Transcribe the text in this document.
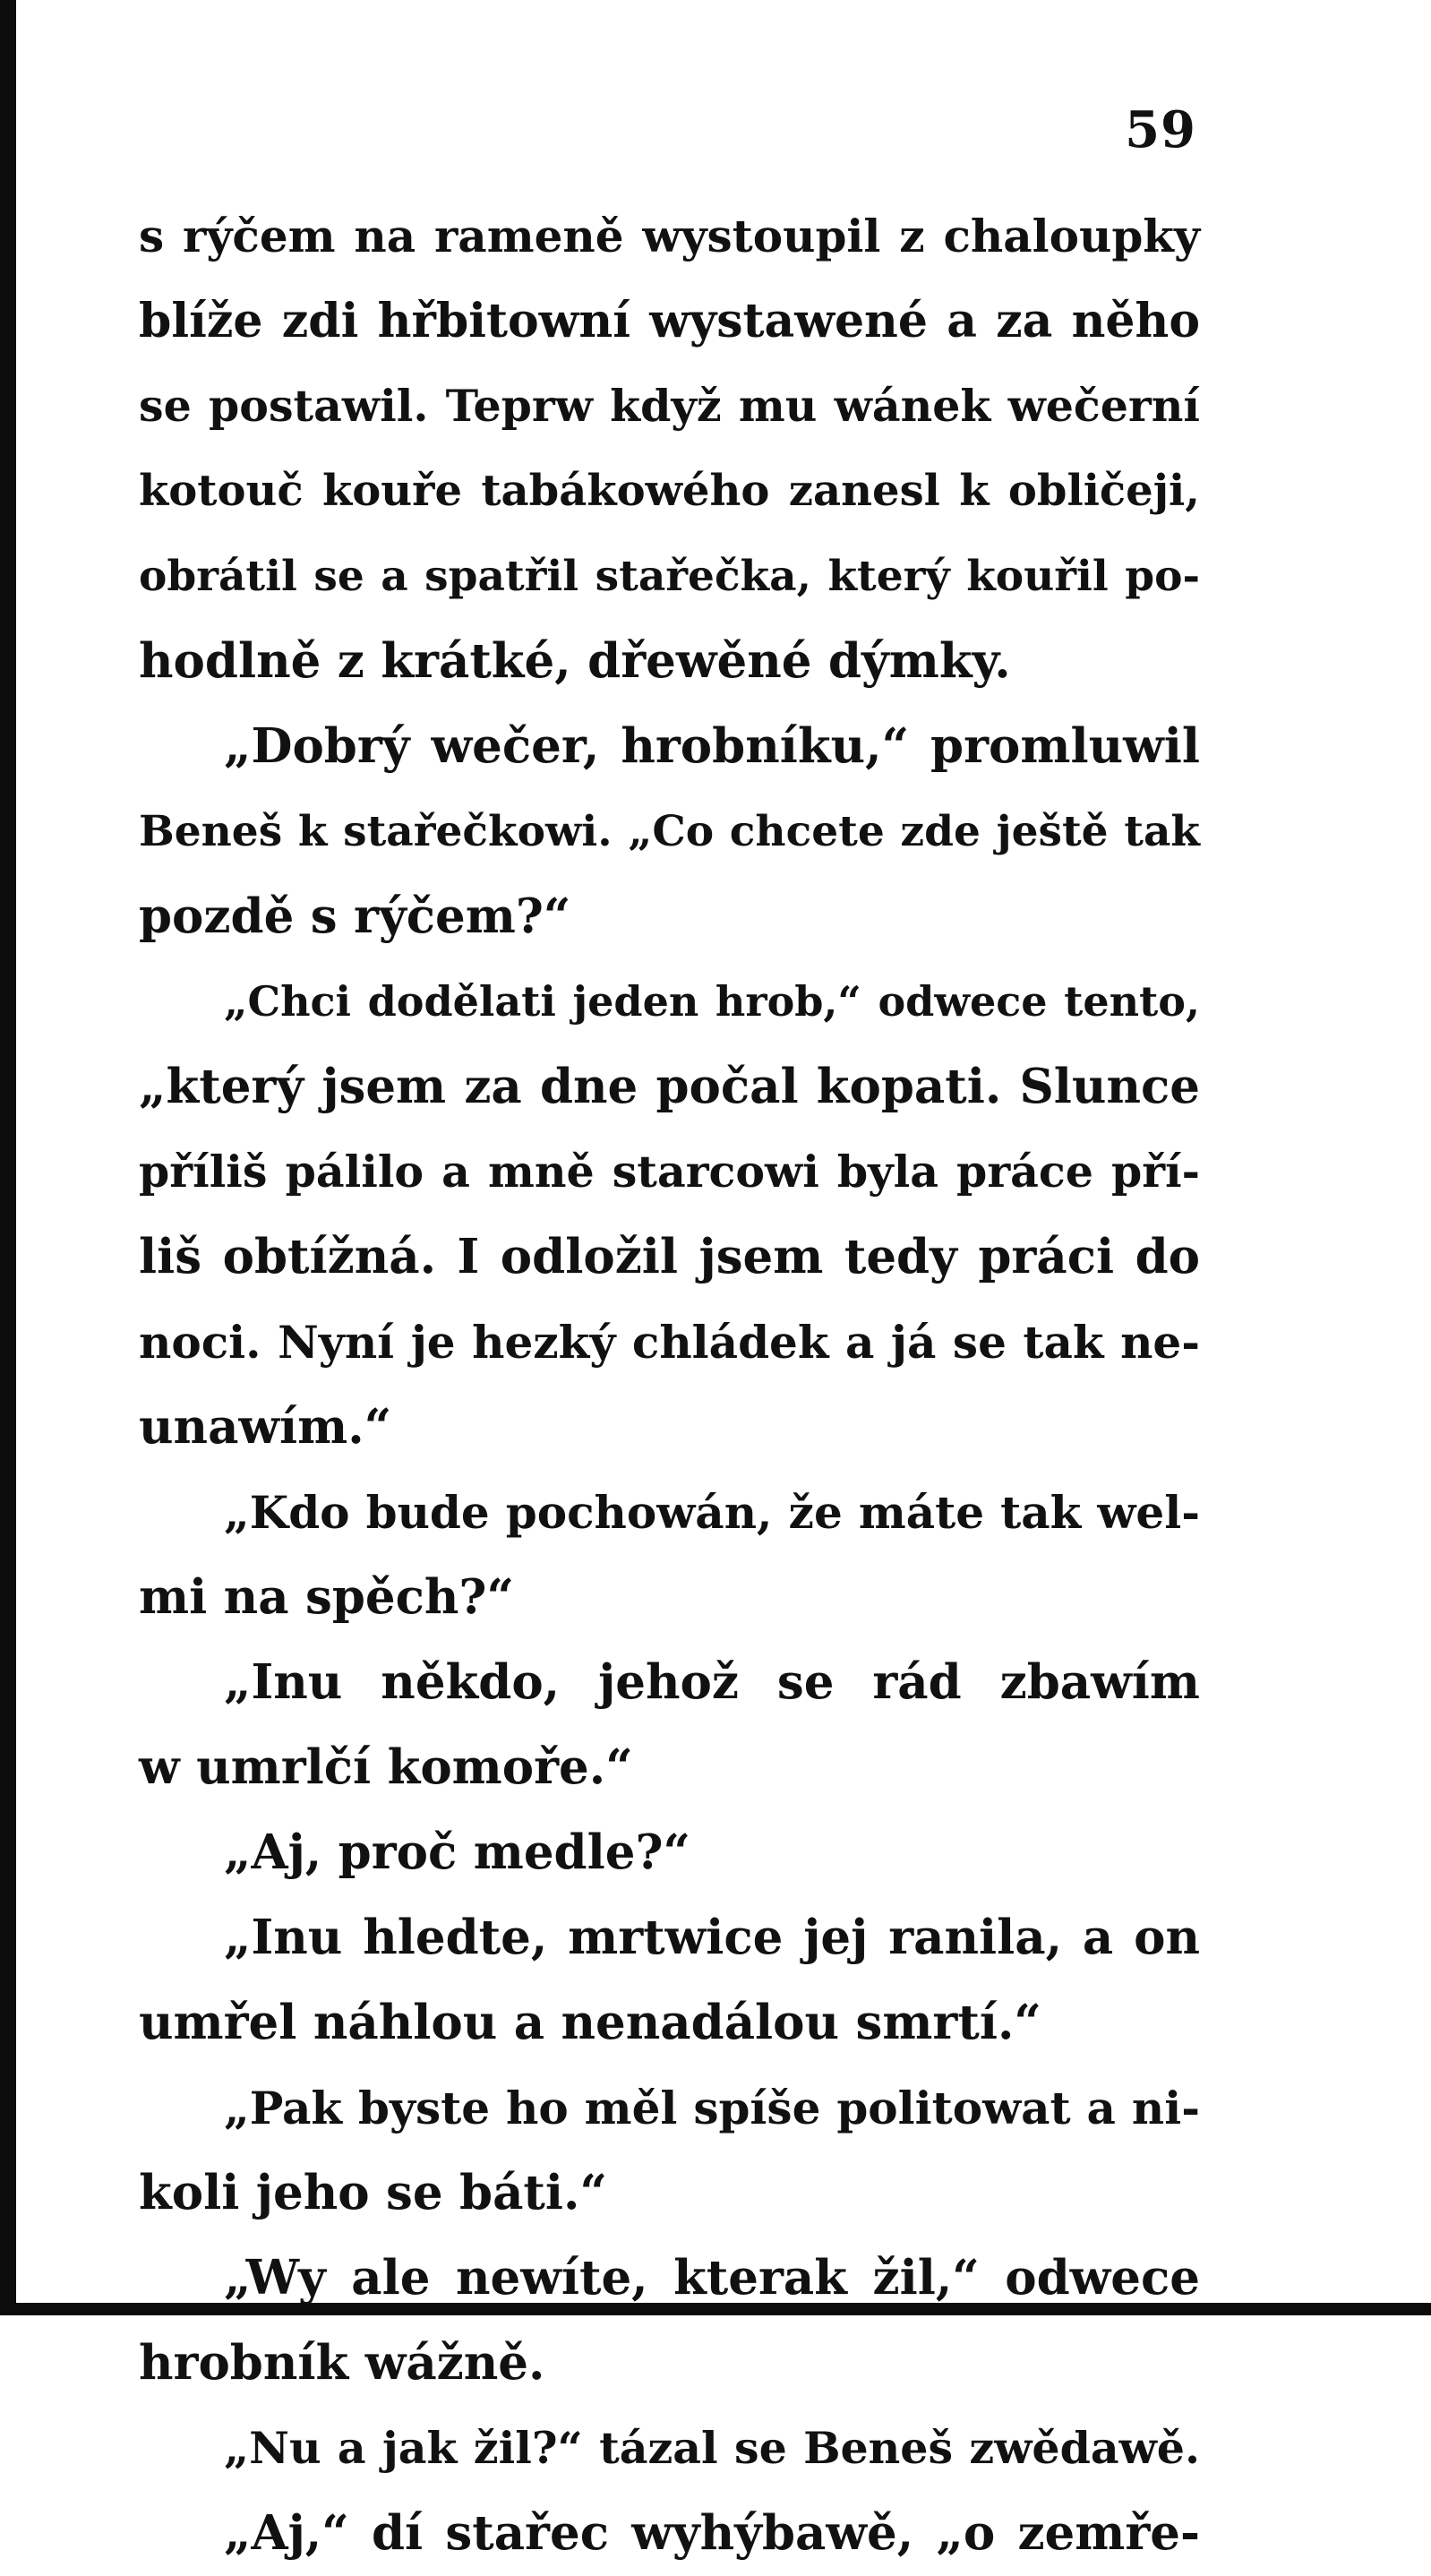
59
s rýčem na rameně wystoupil z chaloupky
blíže zdi hřbitowní wystawené a za něho
se postawil. Teprw když mu wánek wečerní
kotouč kouře tabákowého zanesl k obličeji,
obrátil se a spatřil stařečka, který kouřil po-
hodlně z krátké, dřewěné dýmky.
„Dobrý wečer, hrobníku,“ promluwil
Beneš k stařečkowi. „Co chcete zde ještě tak
pozdě s rýčem?“
„Chci dodělati jeden hrob,“ odwece tento,
„který jsem za dne počal kopati. Slunce
příliš pálilo a mně starcowi byla práce pří-
liš obtížná. I odložil jsem tedy práci do
noci. Nyní je hezký chládek a já se tak ne-
unawím.“
„Kdo bude pochowán, že máte tak wel-
mi na spěch?“
„Inu někdo, jehož se rád zbawím
w umrlčí komoře.“
„Aj, proč medle?“
„Inu hledte, mrtwice jej ranila, a on
umřel náhlou a nenadálou smrtí.“
„Pak byste ho měl spíše politowat a ni-
koli jeho se báti.“
„Wy ale newíte, kterak žil,“ odwece
hrobník wážně.
„Nu a jak žil?“ tázal se Beneš zwědawě.
„Aj,“ dí stařec wyhýbawě, „o zemře-
